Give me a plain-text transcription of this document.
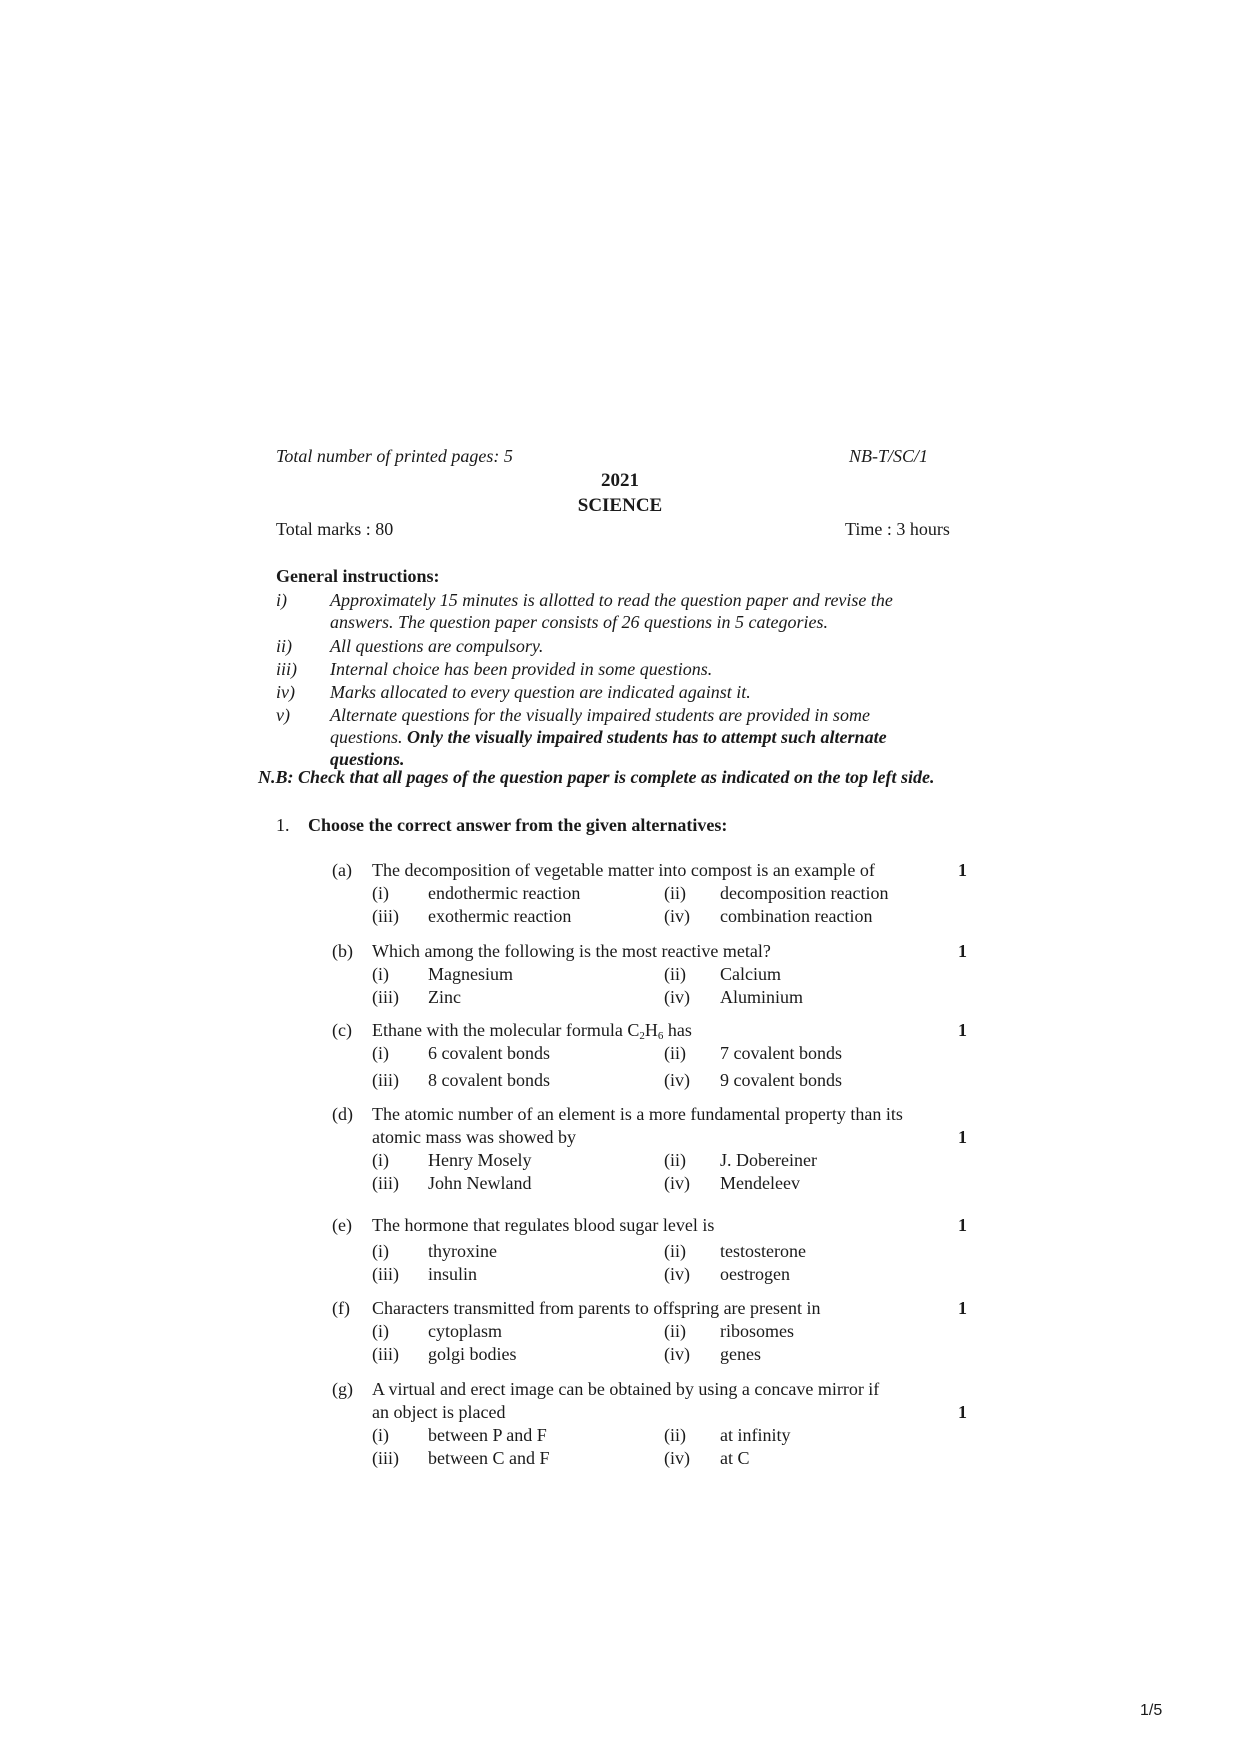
Total number of printed pages: 5	NB-T/SC/1
2021
SCIENCE
Total marks : 80	Time : 3 hours
General instructions:
i)	Approximately 15 minutes is allotted to read the question paper and revise the
answers. The question paper consists of 26 questions in 5 categories.
ii)	All questions are compulsory.
iii)	Internal choice has been provided in some questions.
iv)	Marks allocated to every question are indicated against it.
v)	Alternate questions for the visually impaired students are provided in some
questions. Only the visually impaired students has to attempt such alternate
questions.
N.B: Check that all pages of the question paper is complete as indicated on the top left side.
1. Choose the correct answer from the given alternatives:
(a) The decomposition of vegetable matter into compost is an example of	1
(i) endothermic reaction	(ii) decomposition reaction
(iii) exothermic reaction	(iv) combination reaction
(b) Which among the following is the most reactive metal?	1
(i) Magnesium	(ii) Calcium
(iii) Zinc	(iv) Aluminium
(c) Ethane with the molecular formula $C_2H_6$ has	1
(i) 6 covalent bonds	(ii) 7 covalent bonds
(iii) 8 covalent bonds	(iv) 9 covalent bonds
(d) The atomic number of an element is a more fundamental property than its
atomic mass was showed by	1
(i) Henry Mosely	(ii) J. Dobereiner
(iii) John Newland	(iv) Mendeleev
(e) The hormone that regulates blood sugar level is	1
(i) thyroxine	(ii) testosterone
(iii) insulin	(iv) oestrogen
(f) Characters transmitted from parents to offspring are present in	1
(i) cytoplasm	(ii) ribosomes
(iii) golgi bodies	(iv) genes
(g) A virtual and erect image can be obtained by using a concave mirror if
an object is placed	1
(i) between P and F	(ii) at infinity
(iii) between C and F	(iv) at C
1/5
